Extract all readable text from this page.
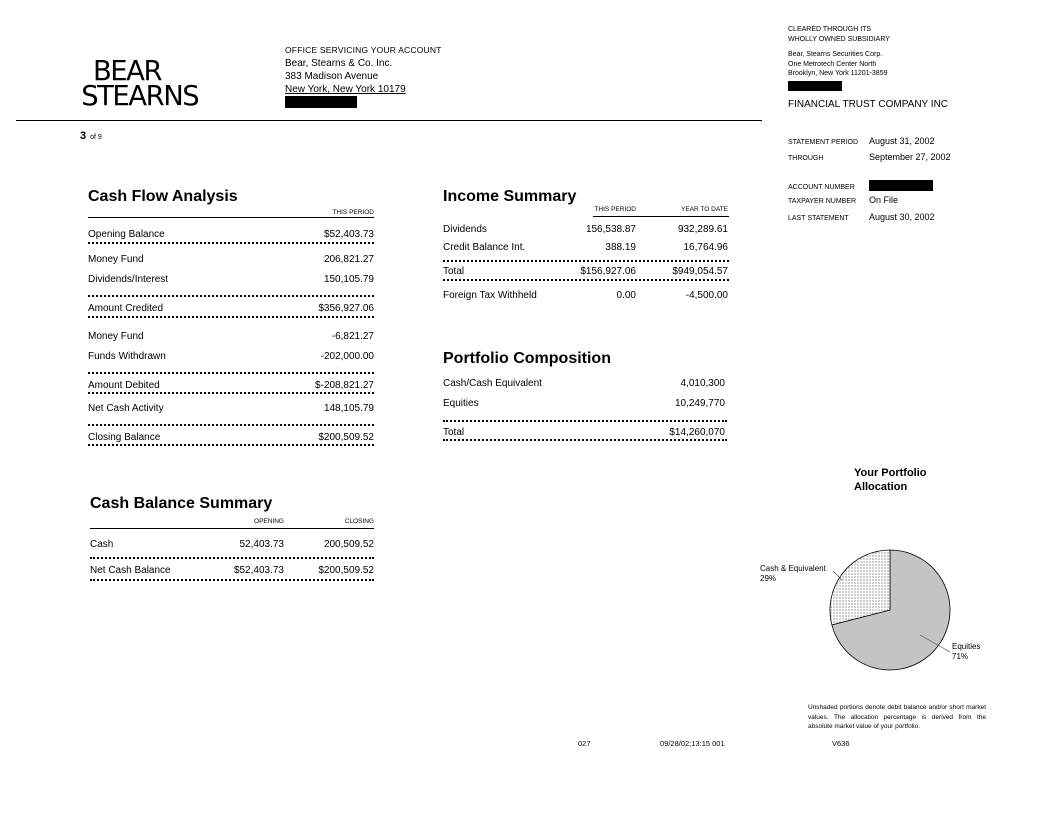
BEAR
STEARNS
OFFICE SERVICING YOUR ACCOUNT
Bear, Stearns & Co. Inc.
383 Madison Avenue
New York, New York 10179
3 of 9
CLEARED THROUGH ITS
WHOLLY OWNED SUBSIDIARY
Bear, Stearns Securities Corp.
One Metrotech Center North
Brooklyn, New York 11201-3859
FINANCIAL TRUST COMPANY INC
STATEMENT PERIOD August 31, 2002
THROUGH	September 27, 2002
ACCOUNT NUMBER
TAXPAYER NUMBER On File
LAST STATEMENT August 30, 2002
Cash Flow Analysis
THIS PERIOD
Opening Balance	$52,403.73
Money Fund	206,821.27
Dividends/Interest	150,105.79
Amount Credited	$356,927.06
Money Fund	-6,821.27
Funds Withdrawn	-202,000.00
Amount Debited	$-208,821.27
Net Cash Activity	148,105.79
Closing Balance	$200,509.52
Cash Balance Summary
OPENING	CLOSING
Cash	52,403.73	200,509.52
Net Cash Balance	$52,403.73	$200,509.52
Income Summary
THIS PERIOD	YEAR TO DATE
Dividends	156,538.87	932,289.61
Credit Balance Int.	388.19	16,764.96
Total	$156,927.06	$949,054.57
Foreign Tax Withheld	0.00	-4,500.00
Portfolio Composition
Cash/Cash Equivalent	4,010,300
Equities	10,249,770
Total	$14,260,070
Your Portfolio
Allocation
Cash & Equivalent
29%
Equities
71%
Unshaded portions denote debit balance and/or short market values. The allocation percentage is derived from the absolute market value of your portfolio.
027	09/28/02;13:15 001	V636
